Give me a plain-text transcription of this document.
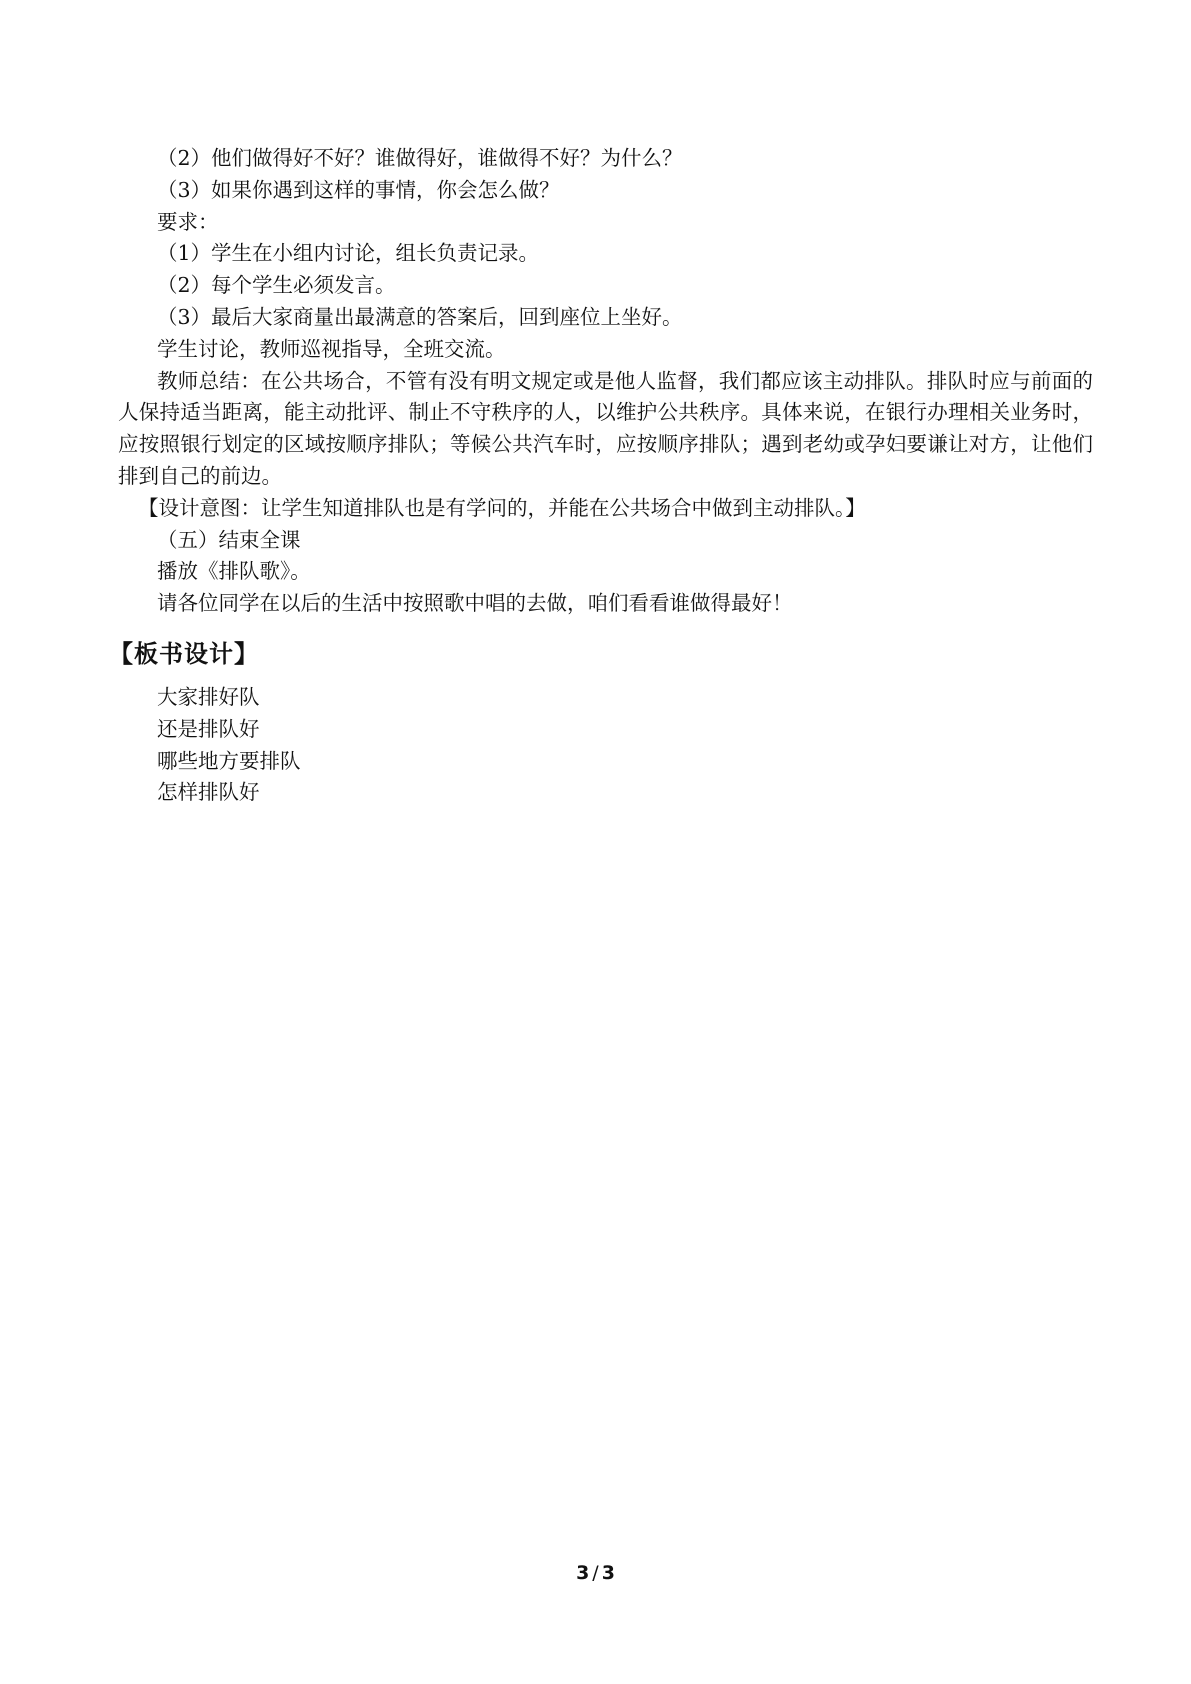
（2）他们做得好不好？谁做得好，谁做得不好？为什么？
（3）如果你遇到这样的事情，你会怎么做？
要求：
（1）学生在小组内讨论，组长负责记录。
（2）每个学生必须发言。
（3）最后大家商量出最满意的答案后，回到座位上坐好。
学生讨论，教师巡视指导，全班交流。
教师总结：在公共场合，不管有没有明文规定或是他人监督，我们都应该主动排队。排队时应与前面的人保持适当距离，能主动批评、制止不守秩序的人，以维护公共秩序。具体来说，在银行办理相关业务时，应按照银行划定的区域按顺序排队；等候公共汽车时，应按顺序排队；遇到老幼或孕妇要谦让对方，让他们排到自己的前边。
【设计意图：让学生知道排队也是有学问的，并能在公共场合中做到主动排队。】
（五）结束全课
播放《排队歌》。
请各位同学在以后的生活中按照歌中唱的去做，咱们看看谁做得最好！
【板书设计】
大家排好队
还是排队好
哪些地方要排队
怎样排队好
3 / 3
